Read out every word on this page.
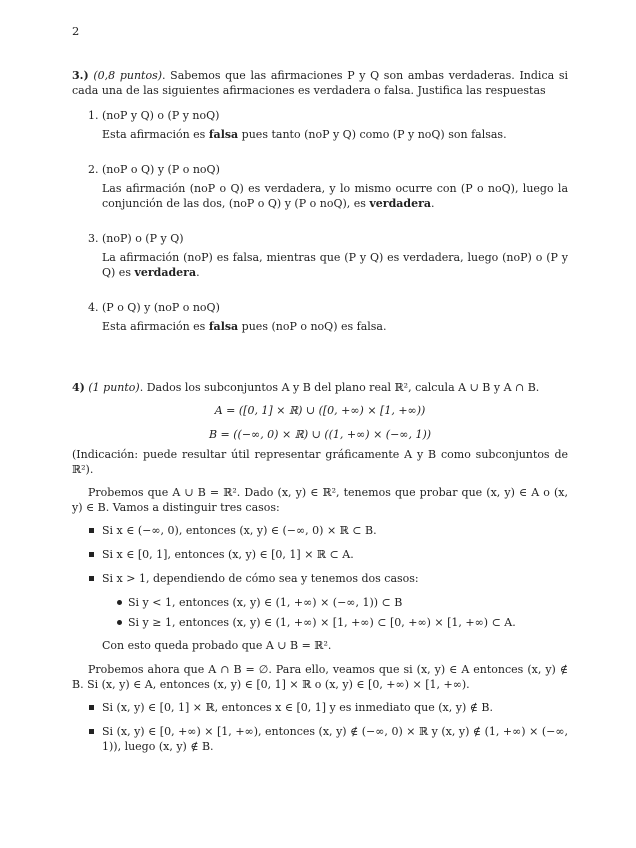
2

3.) (0,8 puntos). Sabemos que las afirmaciones P y Q son ambas verdaderas. Indica si cada una de las siguientes afirmaciones es verdadera o falsa. Justifica las respuestas

1. (noP y Q) o (P y noQ)

Esta afirmación es falsa pues tanto (noP y Q) como (P y noQ) son falsas.

2. (noP o Q) y (P o noQ)

Las afirmación (noP o Q) es verdadera, y lo mismo ocurre con (P o noQ), luego la conjunción de las dos, (noP o Q) y (P o noQ), es verdadera.

3. (noP) o (P y Q)

La afirmación (noP) es falsa, mientras que (P y Q) es verdadera, luego (noP) o (P y Q) es verdadera.

4. (P o Q) y (noP o noQ)

Esta afirmación es falsa pues (noP o noQ) es falsa.

4) (1 punto). Dados los subconjuntos A y B del plano real ℝ², calcula A ∪ B y A ∩ B.

A = ([0, 1] × ℝ) ∪ ([0, +∞) × [1, +∞))

B = ((−∞, 0) × ℝ) ∪ ((1, +∞) × (−∞, 1))

(Indicación: puede resultar útil representar gráficamente A y B como subconjuntos de ℝ²).

Probemos que A ∪ B = ℝ². Dado (x, y) ∈ ℝ², tenemos que probar que (x, y) ∈ A o (x, y) ∈ B. Vamos a distinguir tres casos:

Si x ∈ (−∞, 0), entonces (x, y) ∈ (−∞, 0) × ℝ ⊂ B.
Si x ∈ [0, 1], entonces (x, y) ∈ [0, 1] × ℝ ⊂ A.
Si x > 1, dependiendo de cómo sea y tenemos dos casos:
Si y < 1, entonces (x, y) ∈ (1, +∞) × (−∞, 1)) ⊂ B
Si y ≥ 1, entonces (x, y) ∈ (1, +∞) × [1, +∞) ⊂ [0, +∞) × [1, +∞) ⊂ A.

Con esto queda probado que A ∪ B = ℝ².

Probemos ahora que A ∩ B = ∅. Para ello, veamos que si (x, y) ∈ A entonces (x, y) ∉ B. Si (x, y) ∈ A, entonces (x, y) ∈ [0, 1] × ℝ o (x, y) ∈ [0, +∞) × [1, +∞).

Si (x, y) ∈ [0, 1] × ℝ, entonces x ∈ [0, 1] y es inmediato que (x, y) ∉ B.
Si (x, y) ∈ [0, +∞) × [1, +∞), entonces (x, y) ∉ (−∞, 0) × ℝ y (x, y) ∉ (1, +∞) × (−∞, 1)), luego (x, y) ∉ B.
